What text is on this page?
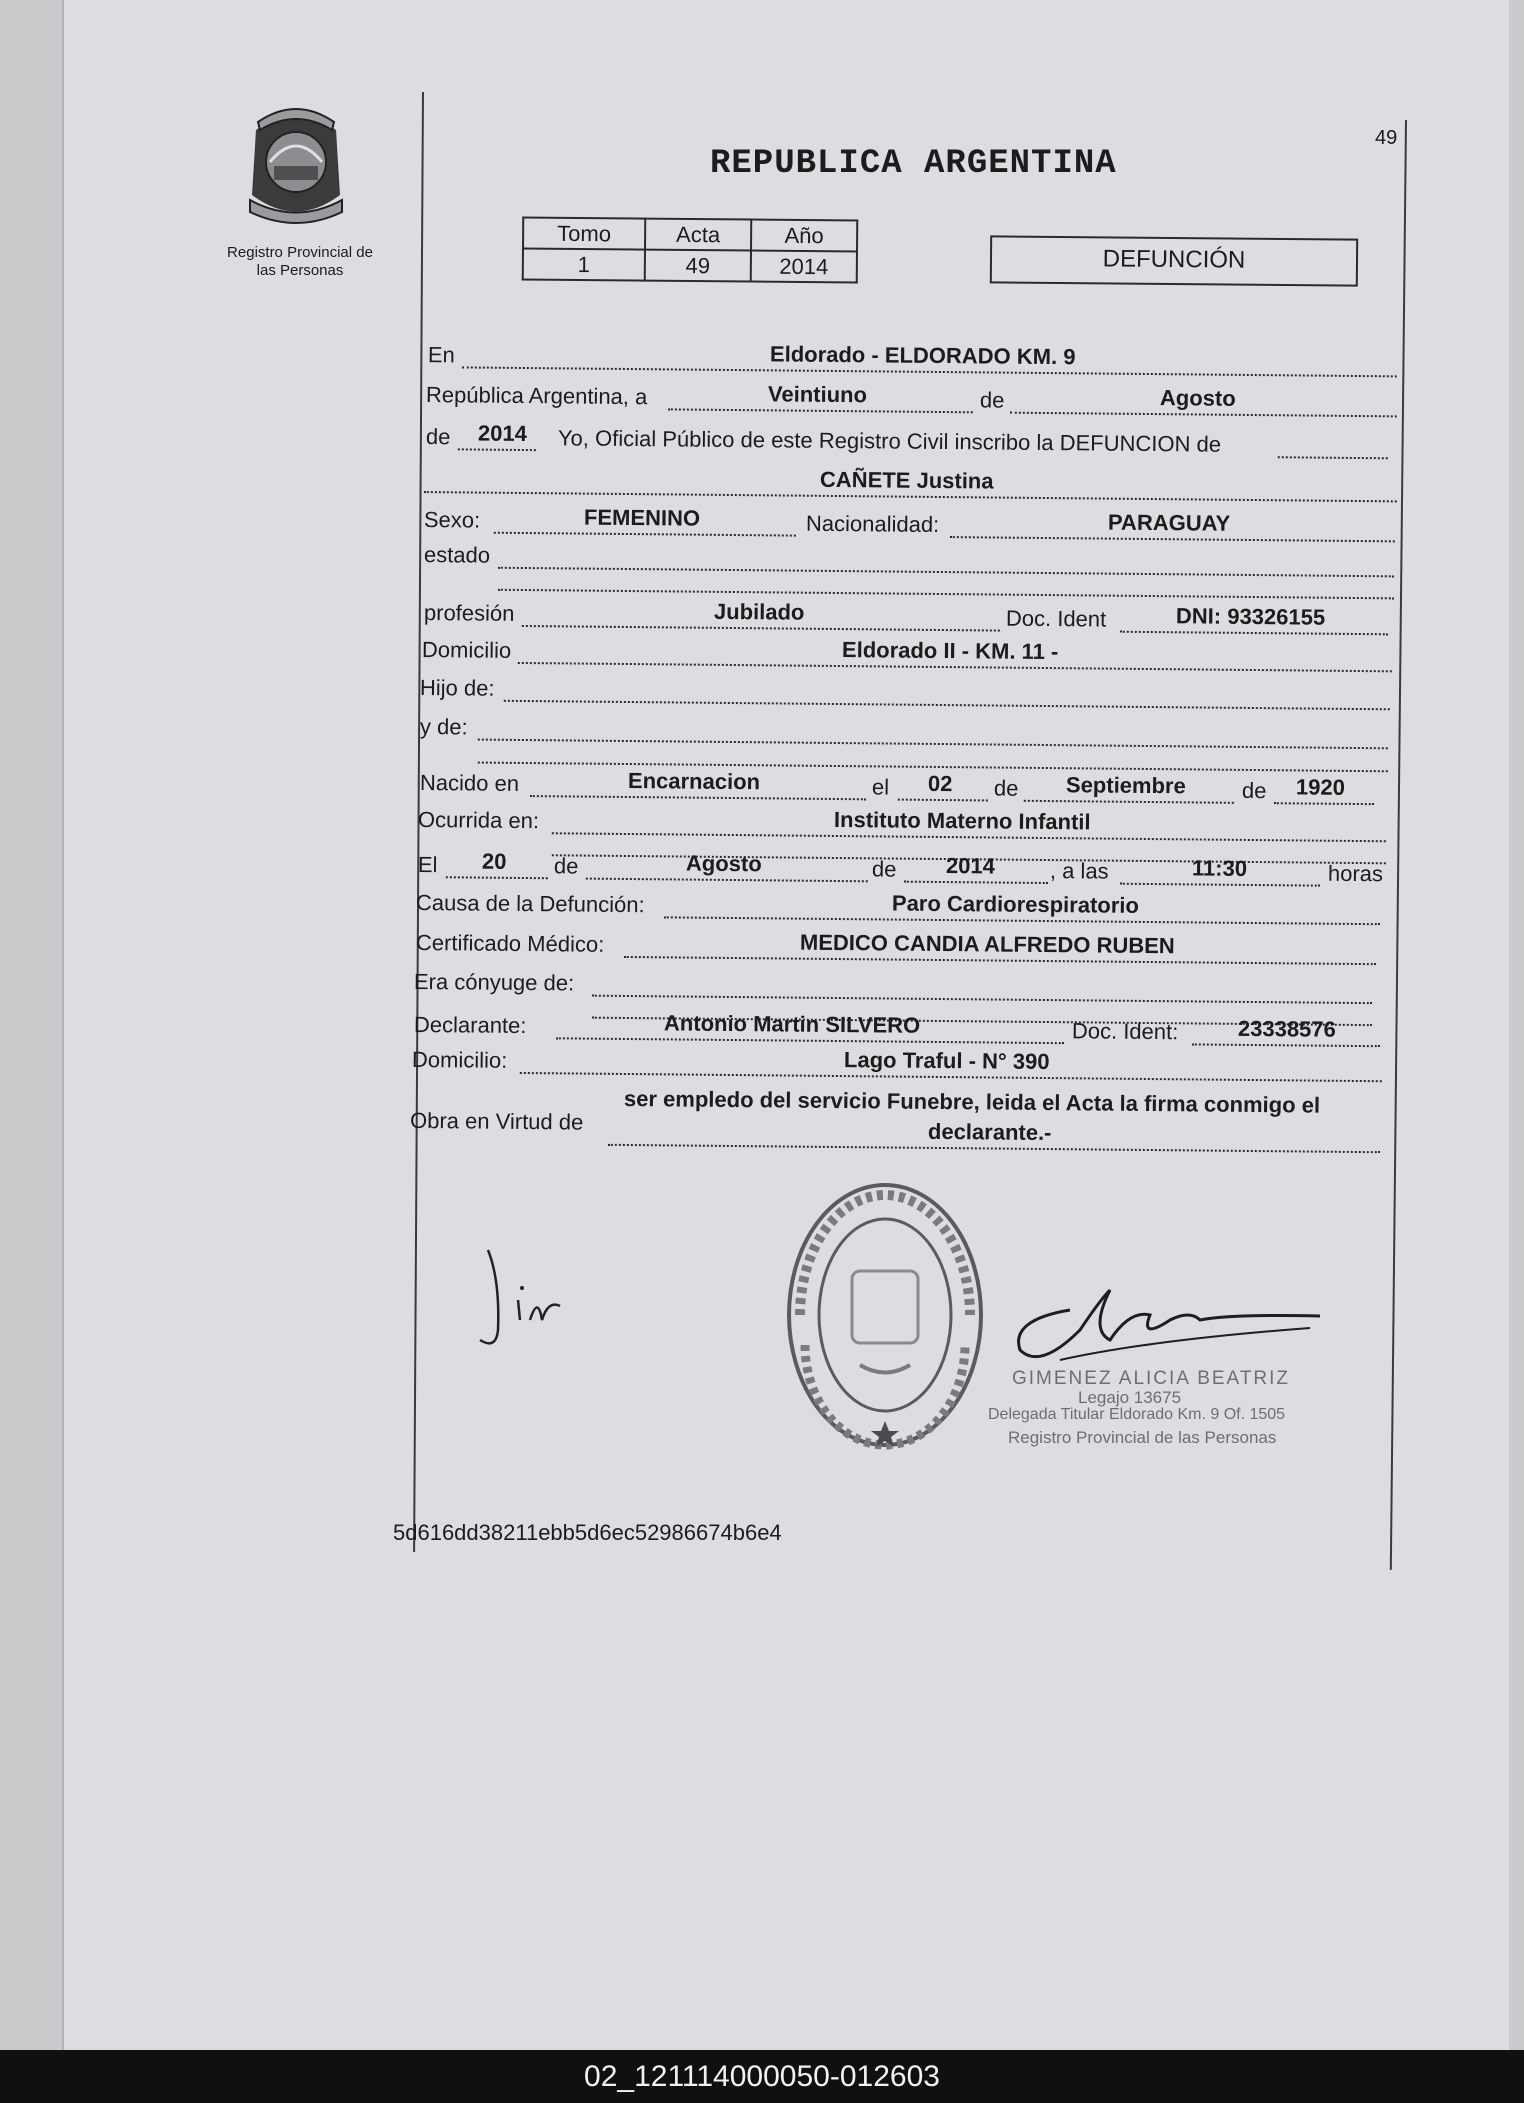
Registro Provincial de
las Personas
REPUBLICA ARGENTINA
49
Tomo	Acta	Año
1	49	2014	DEFUNCIÓN
En	Eldorado - ELDORADO KM. 9
República Argentina, a	Veintiuno	de	Agosto
de 2014 Yo, Oficial Público de este Registro Civil inscribo la DEFUNCION de
CAÑETE Justina
Sexo:	FEMENINO	Nacionalidad:	PARAGUAY
estado
profesión	Jubilado	Doc. Ident	DNI: 93326155
Domicilio	Eldorado II - KM. 11 -
Hijo de:
y de:
Nacido en	Encarnacion	el 02 de Septiembre	de 1920
Ocurrida en:	Instituto Materno Infantil
El 20 de	Agosto	de 2014 , a las	11:30	horas
Causa de la Defunción:	Paro Cardiorespiratorio
Certificado Médico:	MEDICO CANDIA ALFREDO RUBEN
Era cónyuge de:
Declarante:	Antonio Martin SILVERO	Doc. Ident:	23338576
Domicilio:	Lago Traful - N° 390
ser empledo del servicio Funebre, leida el Acta la firma conmigo el
Obra en Virtud de	declarante.-
GIMENEZ ALICIA BEATRIZ
Legajo 13675
Delegada Titular Eldorado Km. 9 Of. 1505
Registro Provincial de las Personas
5d616dd38211ebb5d6ec52986674b6e4
02_121114000050-012603
